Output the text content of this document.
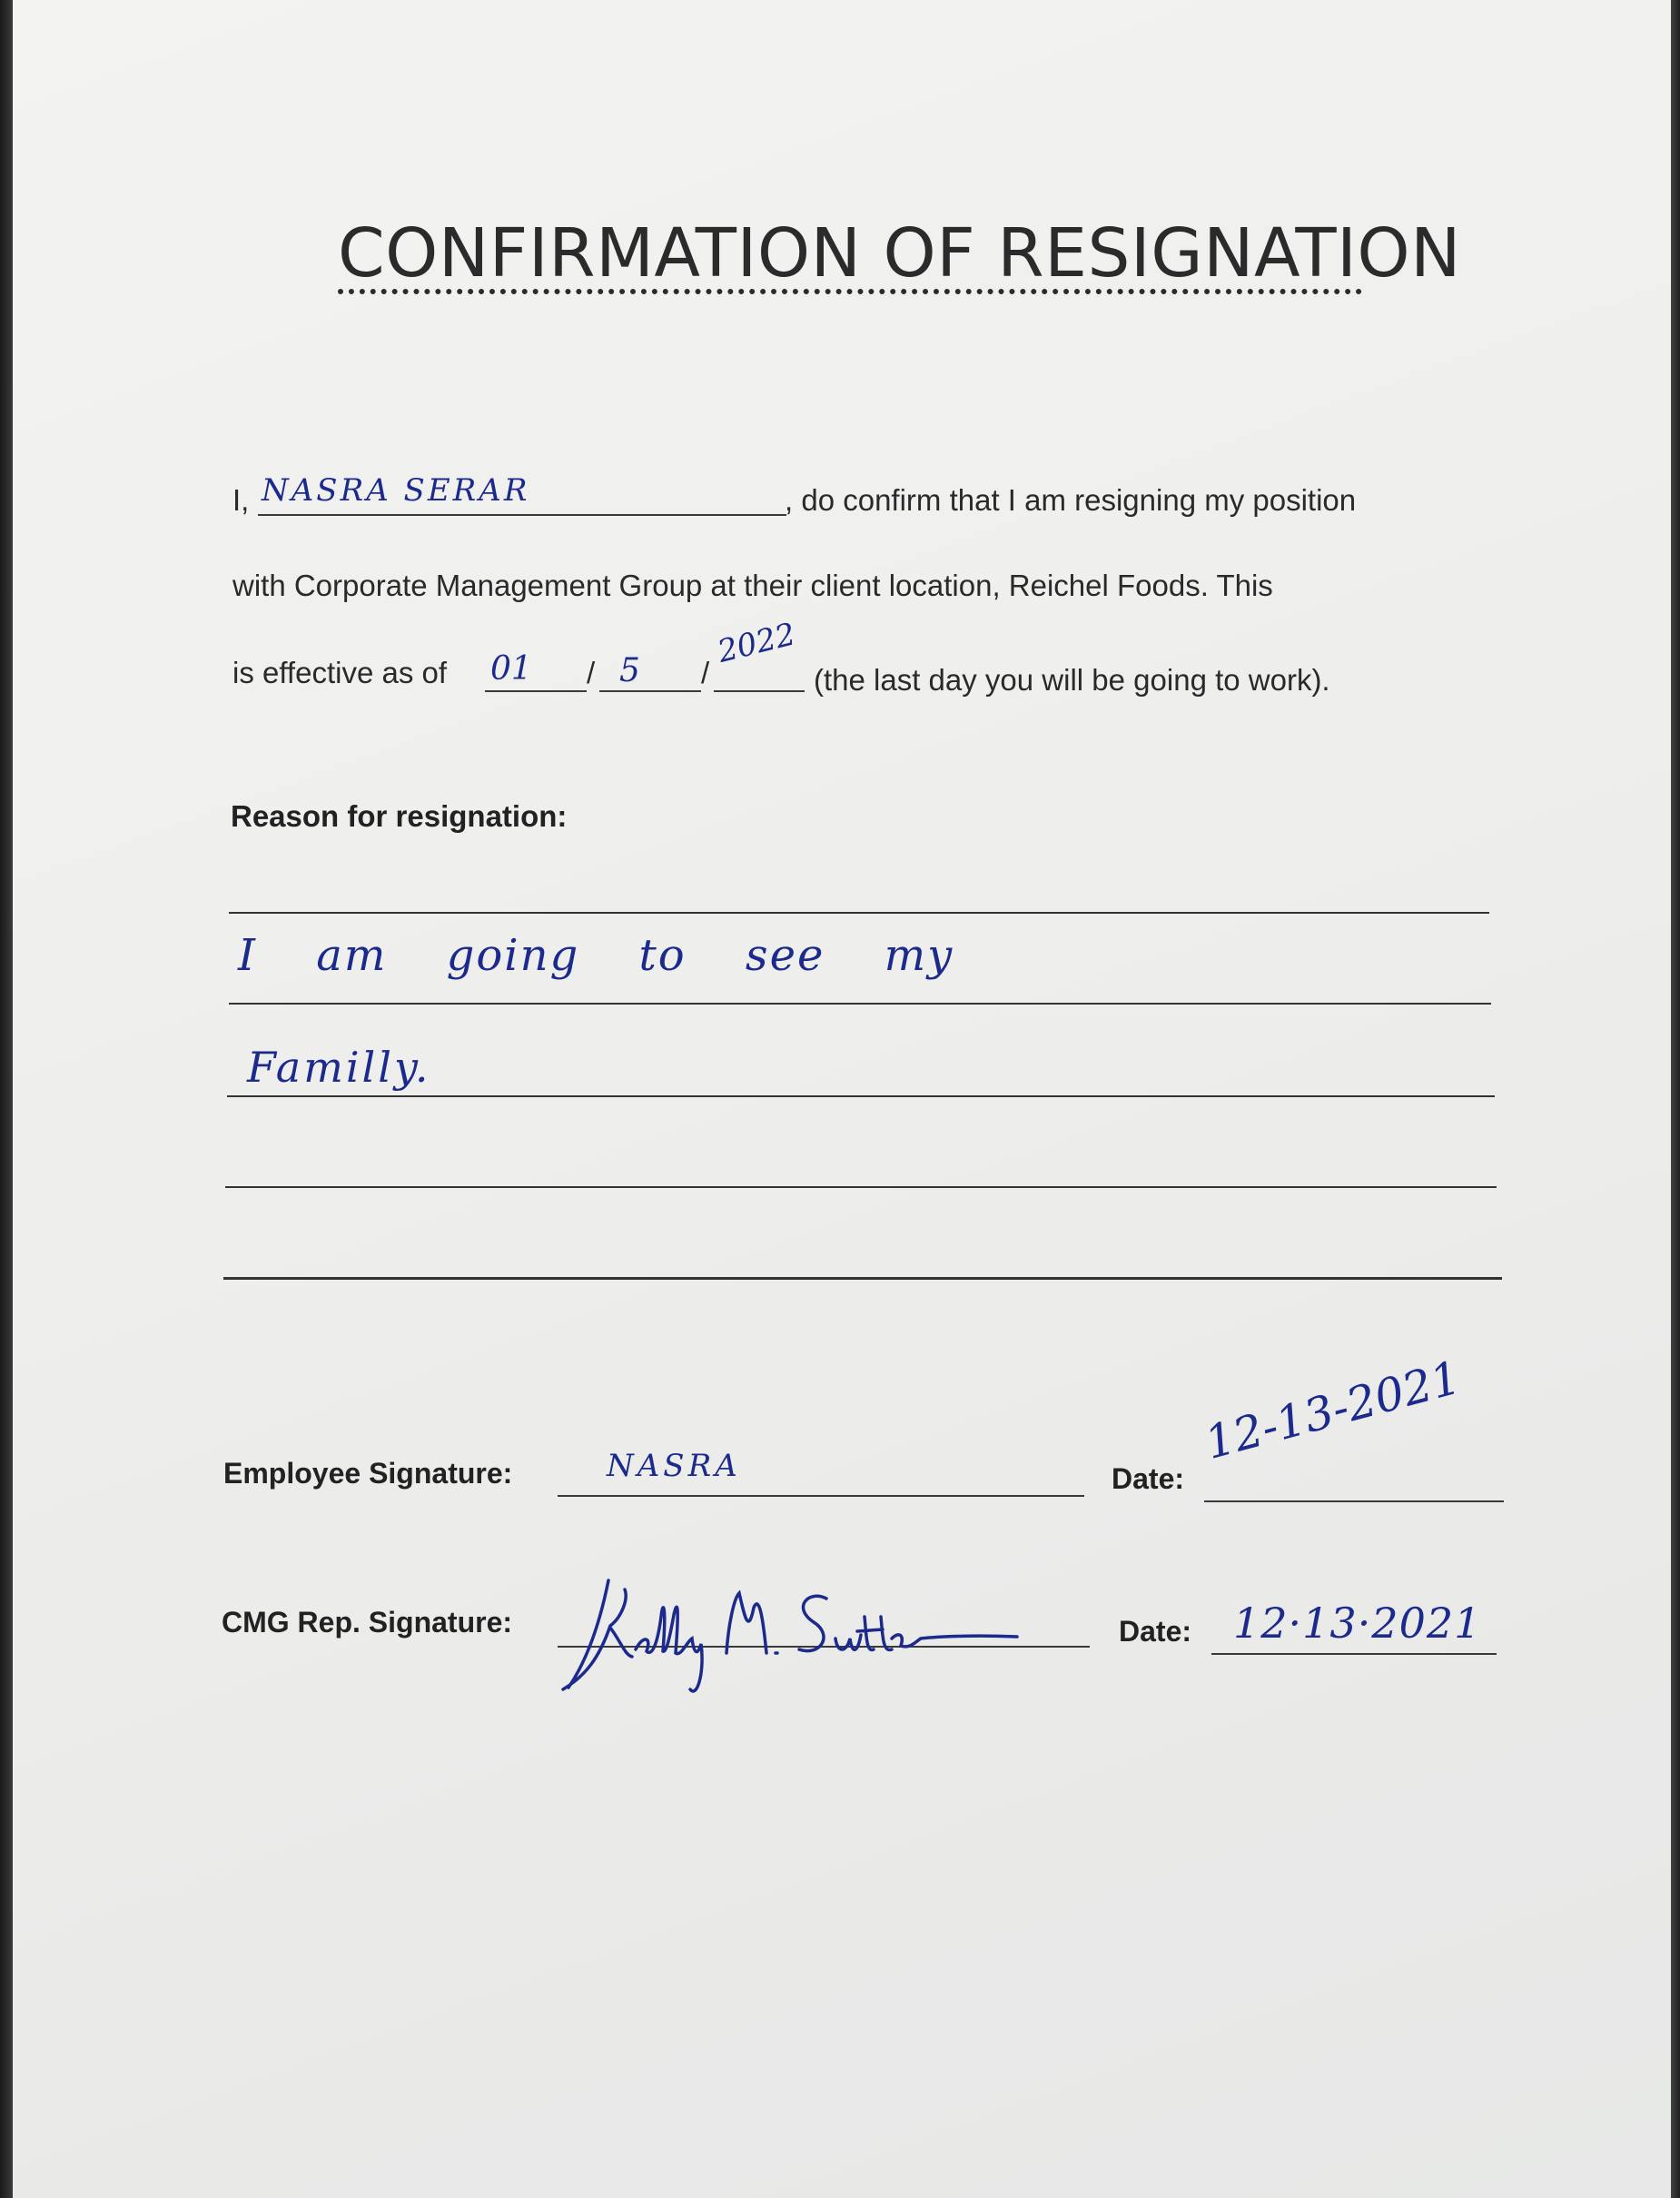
CONFIRMATION OF RESIGNATION
I, NASRA SERAR	, do confirm that I am resigning my position
with Corporate Management Group at their client location, Reichel Foods. This
is effective as of 01 / 5 /
2022
(the last day you will be going to work).
Reason for resignation:
I am going to see my
Familly.
Employee Signature:	NASRA	Date:
12-13-2021
CMG Rep. Signature:	Date: 12·13·2021
